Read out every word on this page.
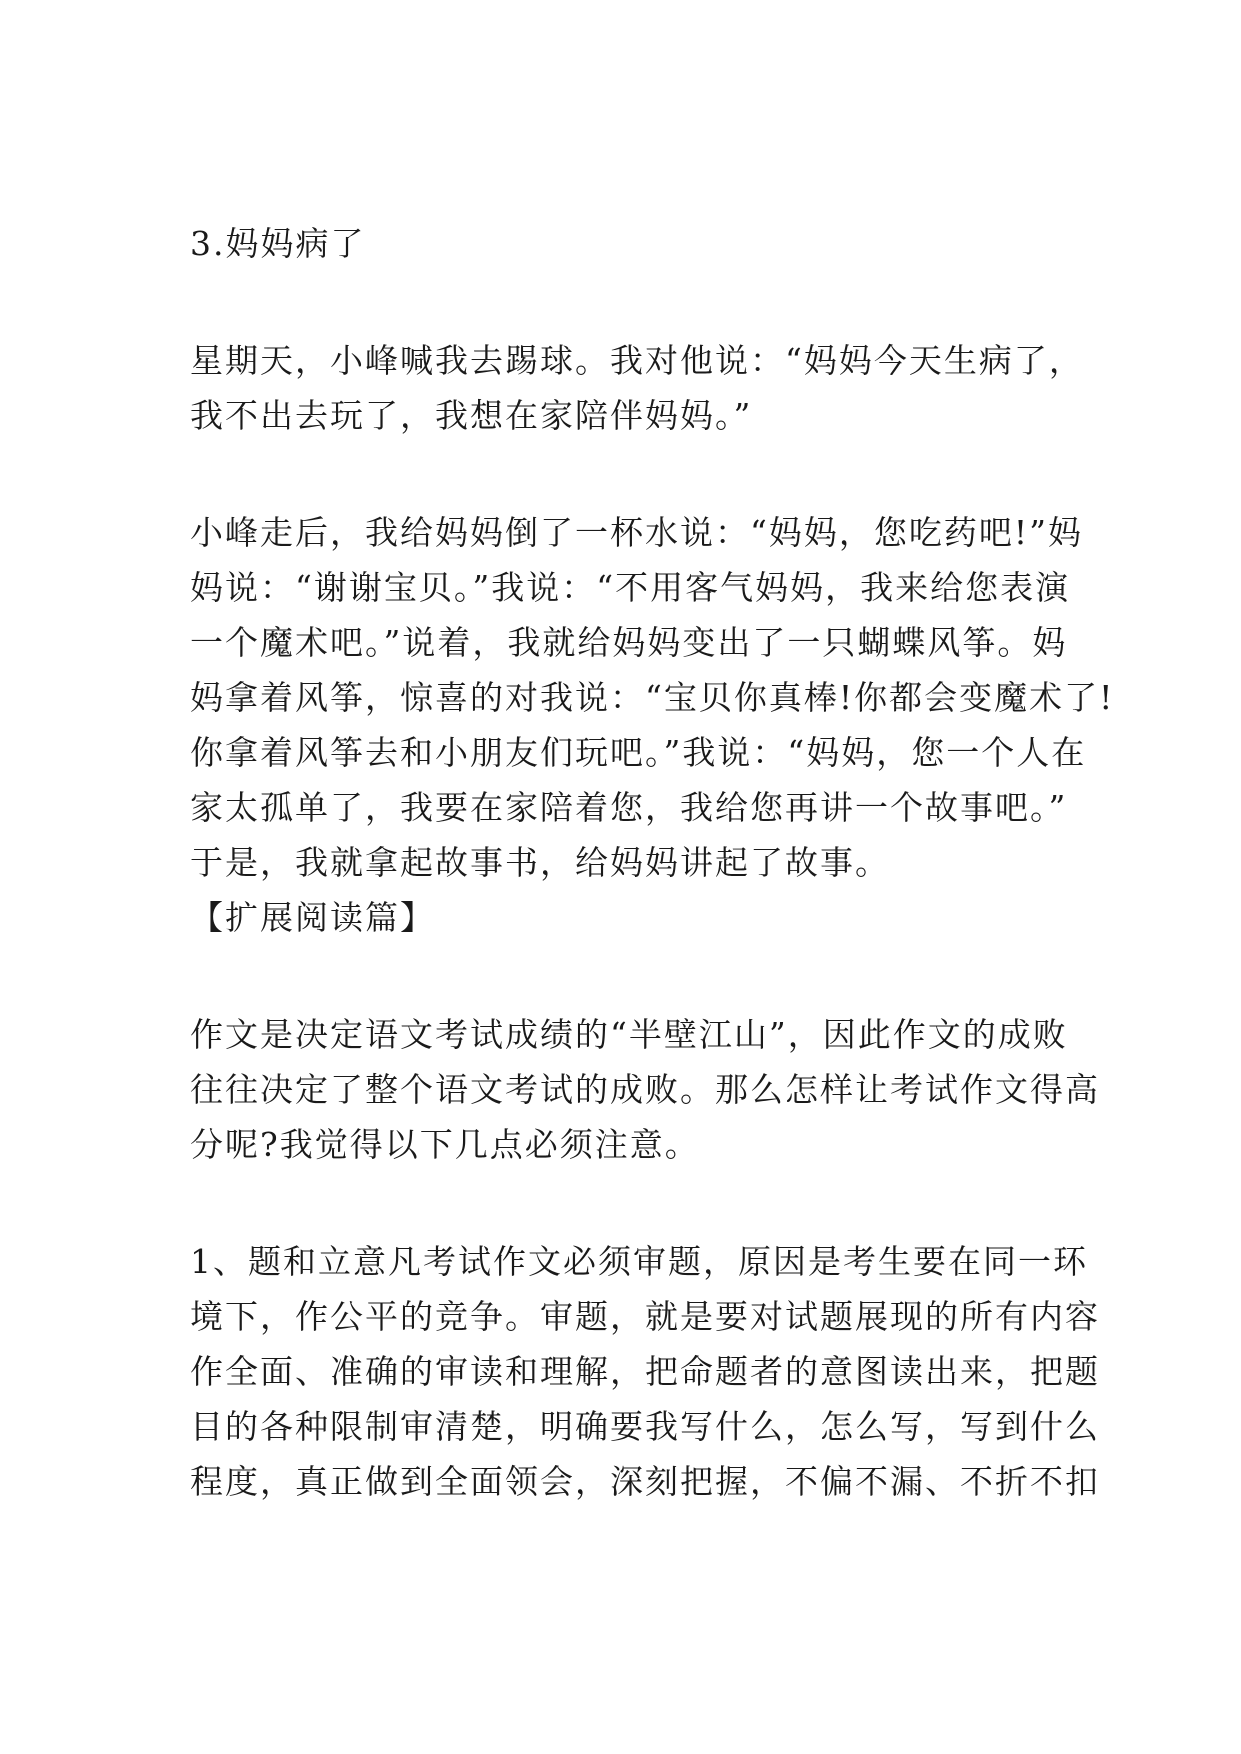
3.妈妈病了
星期天，小峰喊我去踢球。我对他说：“妈妈今天生病了，
我不出去玩了，我想在家陪伴妈妈。”
小峰走后，我给妈妈倒了一杯水说：“妈妈，您吃药吧!”妈
妈说：“谢谢宝贝。”我说：“不用客气妈妈，我来给您表演
一个魔术吧。”说着，我就给妈妈变出了一只蝴蝶风筝。妈
妈拿着风筝，惊喜的对我说：“宝贝你真棒!你都会变魔术了!
你拿着风筝去和小朋友们玩吧。”我说：“妈妈，您一个人在
家太孤单了，我要在家陪着您，我给您再讲一个故事吧。”
于是，我就拿起故事书，给妈妈讲起了故事。
【扩展阅读篇】
作文是决定语文考试成绩的“半壁江山”，因此作文的成败
往往决定了整个语文考试的成败。那么怎样让考试作文得高
分呢?我觉得以下几点必须注意。
1、题和立意凡考试作文必须审题，原因是考生要在同一环
境下，作公平的竞争。审题，就是要对试题展现的所有内容
作全面、准确的审读和理解，把命题者的意图读出来，把题
目的各种限制审清楚，明确要我写什么，怎么写，写到什么
程度，真正做到全面领会，深刻把握，不偏不漏、不折不扣
